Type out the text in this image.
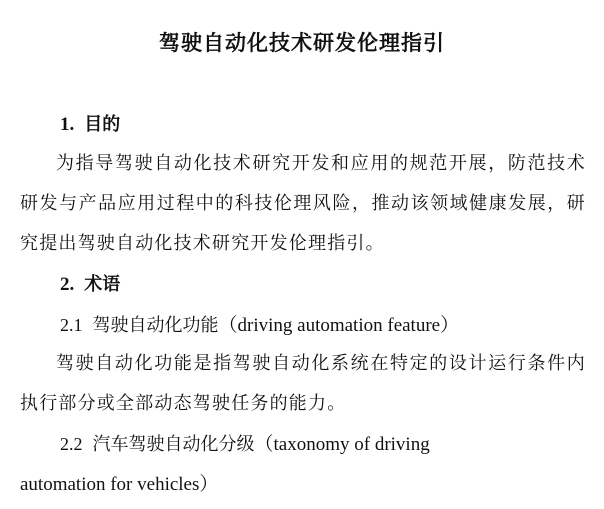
驾驶自动化技术研发伦理指引
1. 目的
为指导驾驶自动化技术研究开发和应用的规范开展，防范技术研发与产品应用过程中的科技伦理风险，推动该领域健康发展，研究提出驾驶自动化技术研究开发伦理指引。
2. 术语
2.1 驾驶自动化功能（driving automation feature）
驾驶自动化功能是指驾驶自动化系统在特定的设计运行条件内执行部分或全部动态驾驶任务的能力。
2.2 汽车驾驶自动化分级（taxonomy of driving
automation for vehicles）
